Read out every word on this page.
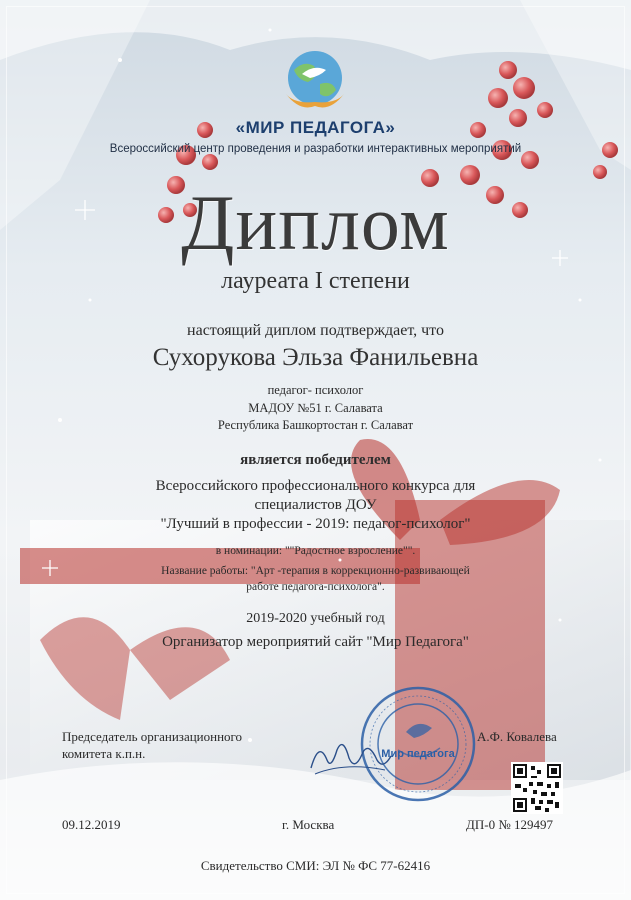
«МИР ПЕДАГОГА»
Всероссийский центр проведения и разработки интерактивных мероприятий
Диплом
лауреата I степени
настоящий диплом подтверждает, что
Сухорукова Эльза Фанильевна
педагог- психолог
МАДОУ №51 г. Салавата
Республика Башкортостан г. Салават
является победителем
Всероссийского профессионального конкурса для
специалистов ДОУ
"Лучший в профессии - 2019: педагог-психолог"
в номинации: ""Радостное взросление"".
Название работы: "Арт -терапия в коррекционно-развивающей
работе педагога-психолога".
2019-2020 учебный год
Организатор мероприятий сайт "Мир Педагога"
Председатель организационного
комитета к.п.н.
А.Ф. Ковалева
Мир педагога
09.12.2019	г. Москва	ДП-0 № 129497
Свидетельство СМИ: ЭЛ № ФС 77-62416
